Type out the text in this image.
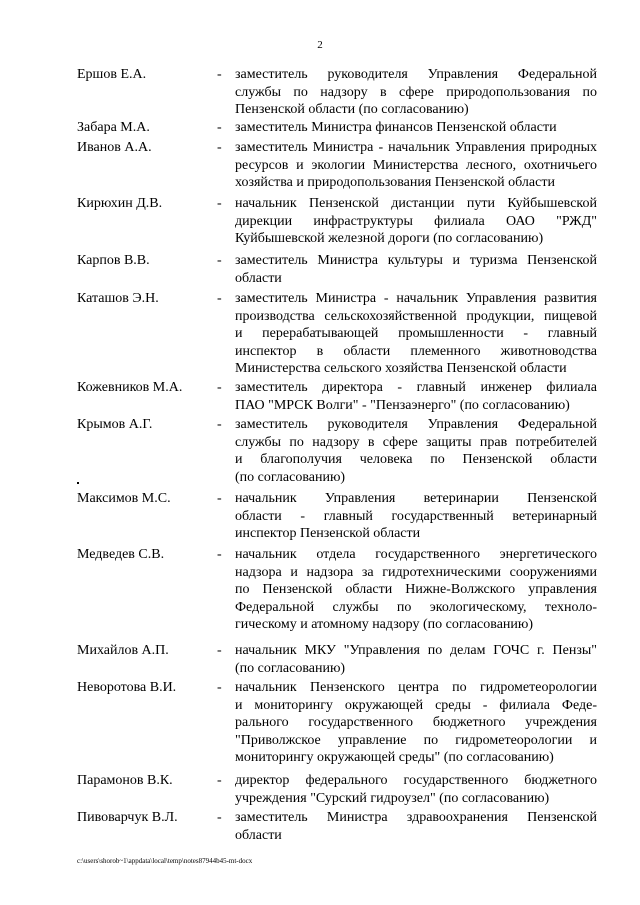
2
Ершов Е.А.	- заместитель руководителя Управления Федеральной
службы по надзору в сфере природопользования по
Пензенской области (по согласованию)
Забара М.А.	- заместитель Министра финансов Пензенской области
Иванов А.А.	- заместитель Министра - начальник Управления природных
ресурсов и экологии Министерства лесного, охотничьего
хозяйства и природопользования Пензенской области
Кирюхин Д.В.	- начальник Пензенской дистанции пути Куйбышевской
дирекции инфраструктуры филиала ОАО "РЖД"
Куйбышевской железной дороги (по согласованию)
Карпов В.В.	- заместитель Министра культуры и туризма Пензенской
области
Каташов Э.Н.	- заместитель Министра - начальник Управления развития
производства сельскохозяйственной продукции, пищевой
и перерабатывающей промышленности - главный
инспектор в области племенного животноводства
Министерства сельского хозяйства Пензенской области
Кожевников М.А.	- заместитель директора - главный инженер филиала
ПАО "МРСК Волги" - "Пензаэнерго" (по согласованию)
Крымов А.Г.	- заместитель руководителя Управления Федеральной
службы по надзору в сфере защиты прав потребителей
и благополучия человека по Пензенской области
(по согласованию)
Максимов М.С.	- начальник Управления ветеринарии Пензенской
области - главный государственный ветеринарный
инспектор Пензенской области
Медведев С.В.	- начальник отдела государственного энергетического
надзора и надзора за гидротехническими сооружениями
по Пензенской области Нижне-Волжского управления
Федеральной службы по экологическому, техноло-
гическому и атомному надзору (по согласованию)
Михайлов А.П.	- начальник МКУ "Управления по делам ГОЧС г. Пензы"
(по согласованию)
Неворотова В.И.	- начальник Пензенского центра по гидрометеорологии
и мониторингу окружающей среды - филиала Феде-
рального государственного бюджетного учреждения
"Приволжское управление по гидрометеорологии и
мониторингу окружающей среды" (по согласованию)
Парамонов В.К.	- директор федерального государственного бюджетного
учреждения "Сурский гидроузел" (по согласованию)
Пивоварчук В.Л.	- заместитель Министра здравоохранения Пензенской
области
c:\users\shorob~1\appdata\local\temp\notes87944b45-mt-docx
